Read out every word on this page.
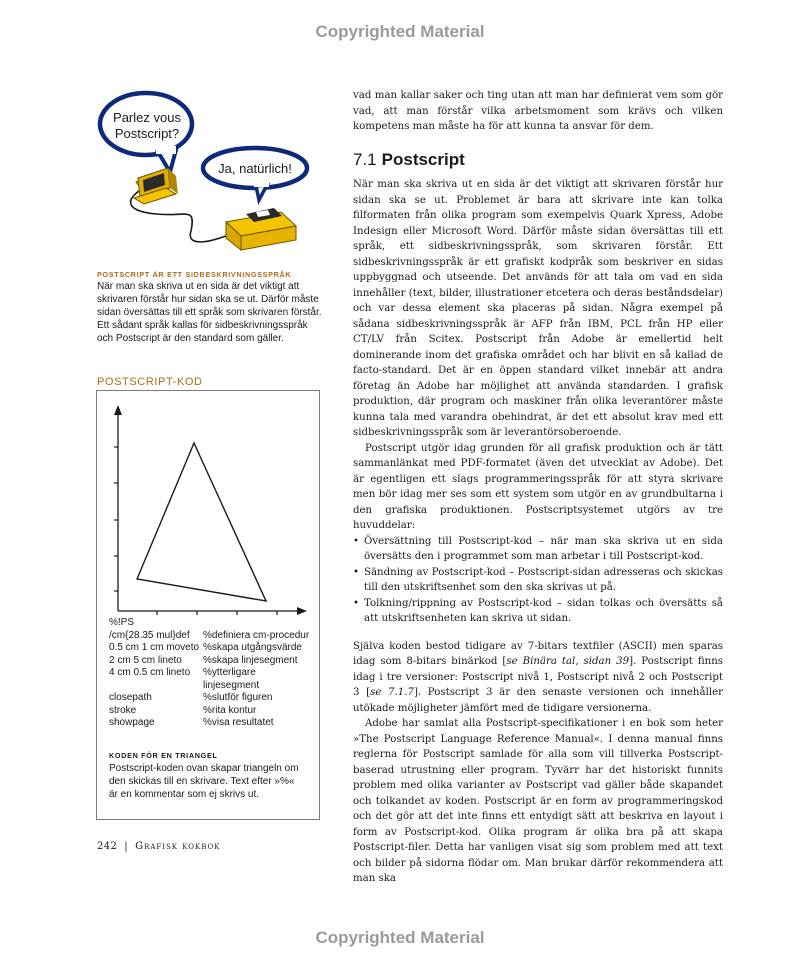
Copyrighted Material
Parlez vous
Postscript?
Ja, natürlich!
POSTSCRIPT ÄR ETT SIDBESKRIVNINGSSPRÅK
När man ska skriva ut en sida är det viktigt att
skrivaren förstår hur sidan ska se ut. Därför måste
sidan översättas till ett språk som skrivaren förstår.
Ett sådant språk kallas för sidbeskrivningsspråk
och Postscript är den standard som gäller.
POSTSCRIPT-KOD
%!PS
/cm{28.35 mul}def	%definiera cm-procedur
0.5 cm 1 cm moveto %skapa utgångsvärde
2 cm 5 cm lineto	%skapa linjesegment
4 cm 0.5 cm lineto	%ytterligare
linjesegment
closepath	%slutför figuren
stroke	%rita kontur
showpage	%visa resultatet
KODEN FÖR EN TRIANGEL
Postscript-koden ovan skapar triangeln om
den skickas till en skrivare. Text efter »%«
är en kommentar som ej skrivs ut.
242 | Grafisk kokbok

vad man kallar saker och ting utan att man har definierat vem som gör vad, att man förstår vilka arbetsmoment som krävs och vilken kompetens man måste ha för att kunna ta ansvar för dem.

7.1 Postscript

När man ska skriva ut en sida är det viktigt att skrivaren förstår hur sidan ska se ut. Problemet är bara att skrivare inte kan tolka filformaten från olika program som exempelvis Quark Xpress, Adobe Indesign eller Microsoft Word. Därför måste sidan översättas till ett språk, ett sidbeskrivningsspråk, som skrivaren förstår. Ett sidbeskrivningsspråk är ett grafiskt kodpråk som beskriver en sidas uppbyggnad och utseende. Det används för att tala om vad en sida innehåller (text, bilder, illustrationer etcetera och deras beståndsdelar) och var dessa element ska placeras på sidan. Några exempel på sådana sidbeskrivningsspråk är AFP från IBM, PCL från HP eller CT/LV från Scitex. Postscript från Adobe är emellertid helt dominerande inom det grafiska området och har blivit en så kallad de facto-standard. Det är en öppen standard vilket innebär att andra företag än Adobe har möjlighet att använda standarden. I grafisk produktion, där program och maskiner från olika leverantörer måste kunna tala med varandra obehindrat, är det ett absolut krav med ett sidbeskrivningsspråk som är leverantörsoberoende.

Postscript utgör idag grunden för all grafisk produktion och är tätt sammanlänkat med PDF-formatet (även det utvecklat av Adobe). Det är egentligen ett slags programmeringsspråk för att styra skrivare men bör idag mer ses som ett system som utgör en av grundbultarna i den grafiska produktionen. Postscriptsystemet utgörs av tre huvuddelar:

• Översättning till Postscript-kod – när man ska skriva ut en sida översätts den i programmet som man arbetar i till Postscript-kod.
• Sändning av Postscript-kod – Postscript-sidan adresseras och skickas till den utskriftsenhet som den ska skrivas ut på.
• Tolkning/rippning av Postscript-kod – sidan tolkas och översätts så att utskriftsenheten kan skriva ut sidan.

Själva koden bestod tidigare av 7-bitars textfiler (ASCII) men sparas idag som 8-bitars binärkod [se Binära tal, sidan 39]. Postscript finns idag i tre versioner: Postscript nivå 1, Postscript nivå 2 och Postscript 3 [se 7.1.7]. Postscript 3 är den senaste versionen och innehåller utökade möjligheter jämfört med de tidigare versionerna.

Adobe har samlat alla Postscript-specifikationer i en bok som heter »The Postscript Language Reference Manual«. I denna manual finns reglerna för Postscript samlade för alla som vill tillverka Postscript-baserad utrustning eller program. Tyvärr har det historiskt funnits problem med olika varianter av Postscript vad gäller både skapandet och tolkandet av koden. Postscript är en form av programmeringskod och det gör att det inte finns ett entydigt sätt att beskriva en layout i form av Postscript-kod. Olika program är olika bra på att skapa Postscript-filer. Detta har vanligen visat sig som problem med att text och bilder på sidorna flödar om. Man brukar därför rekommendera att man ska

Copyrighted Material
